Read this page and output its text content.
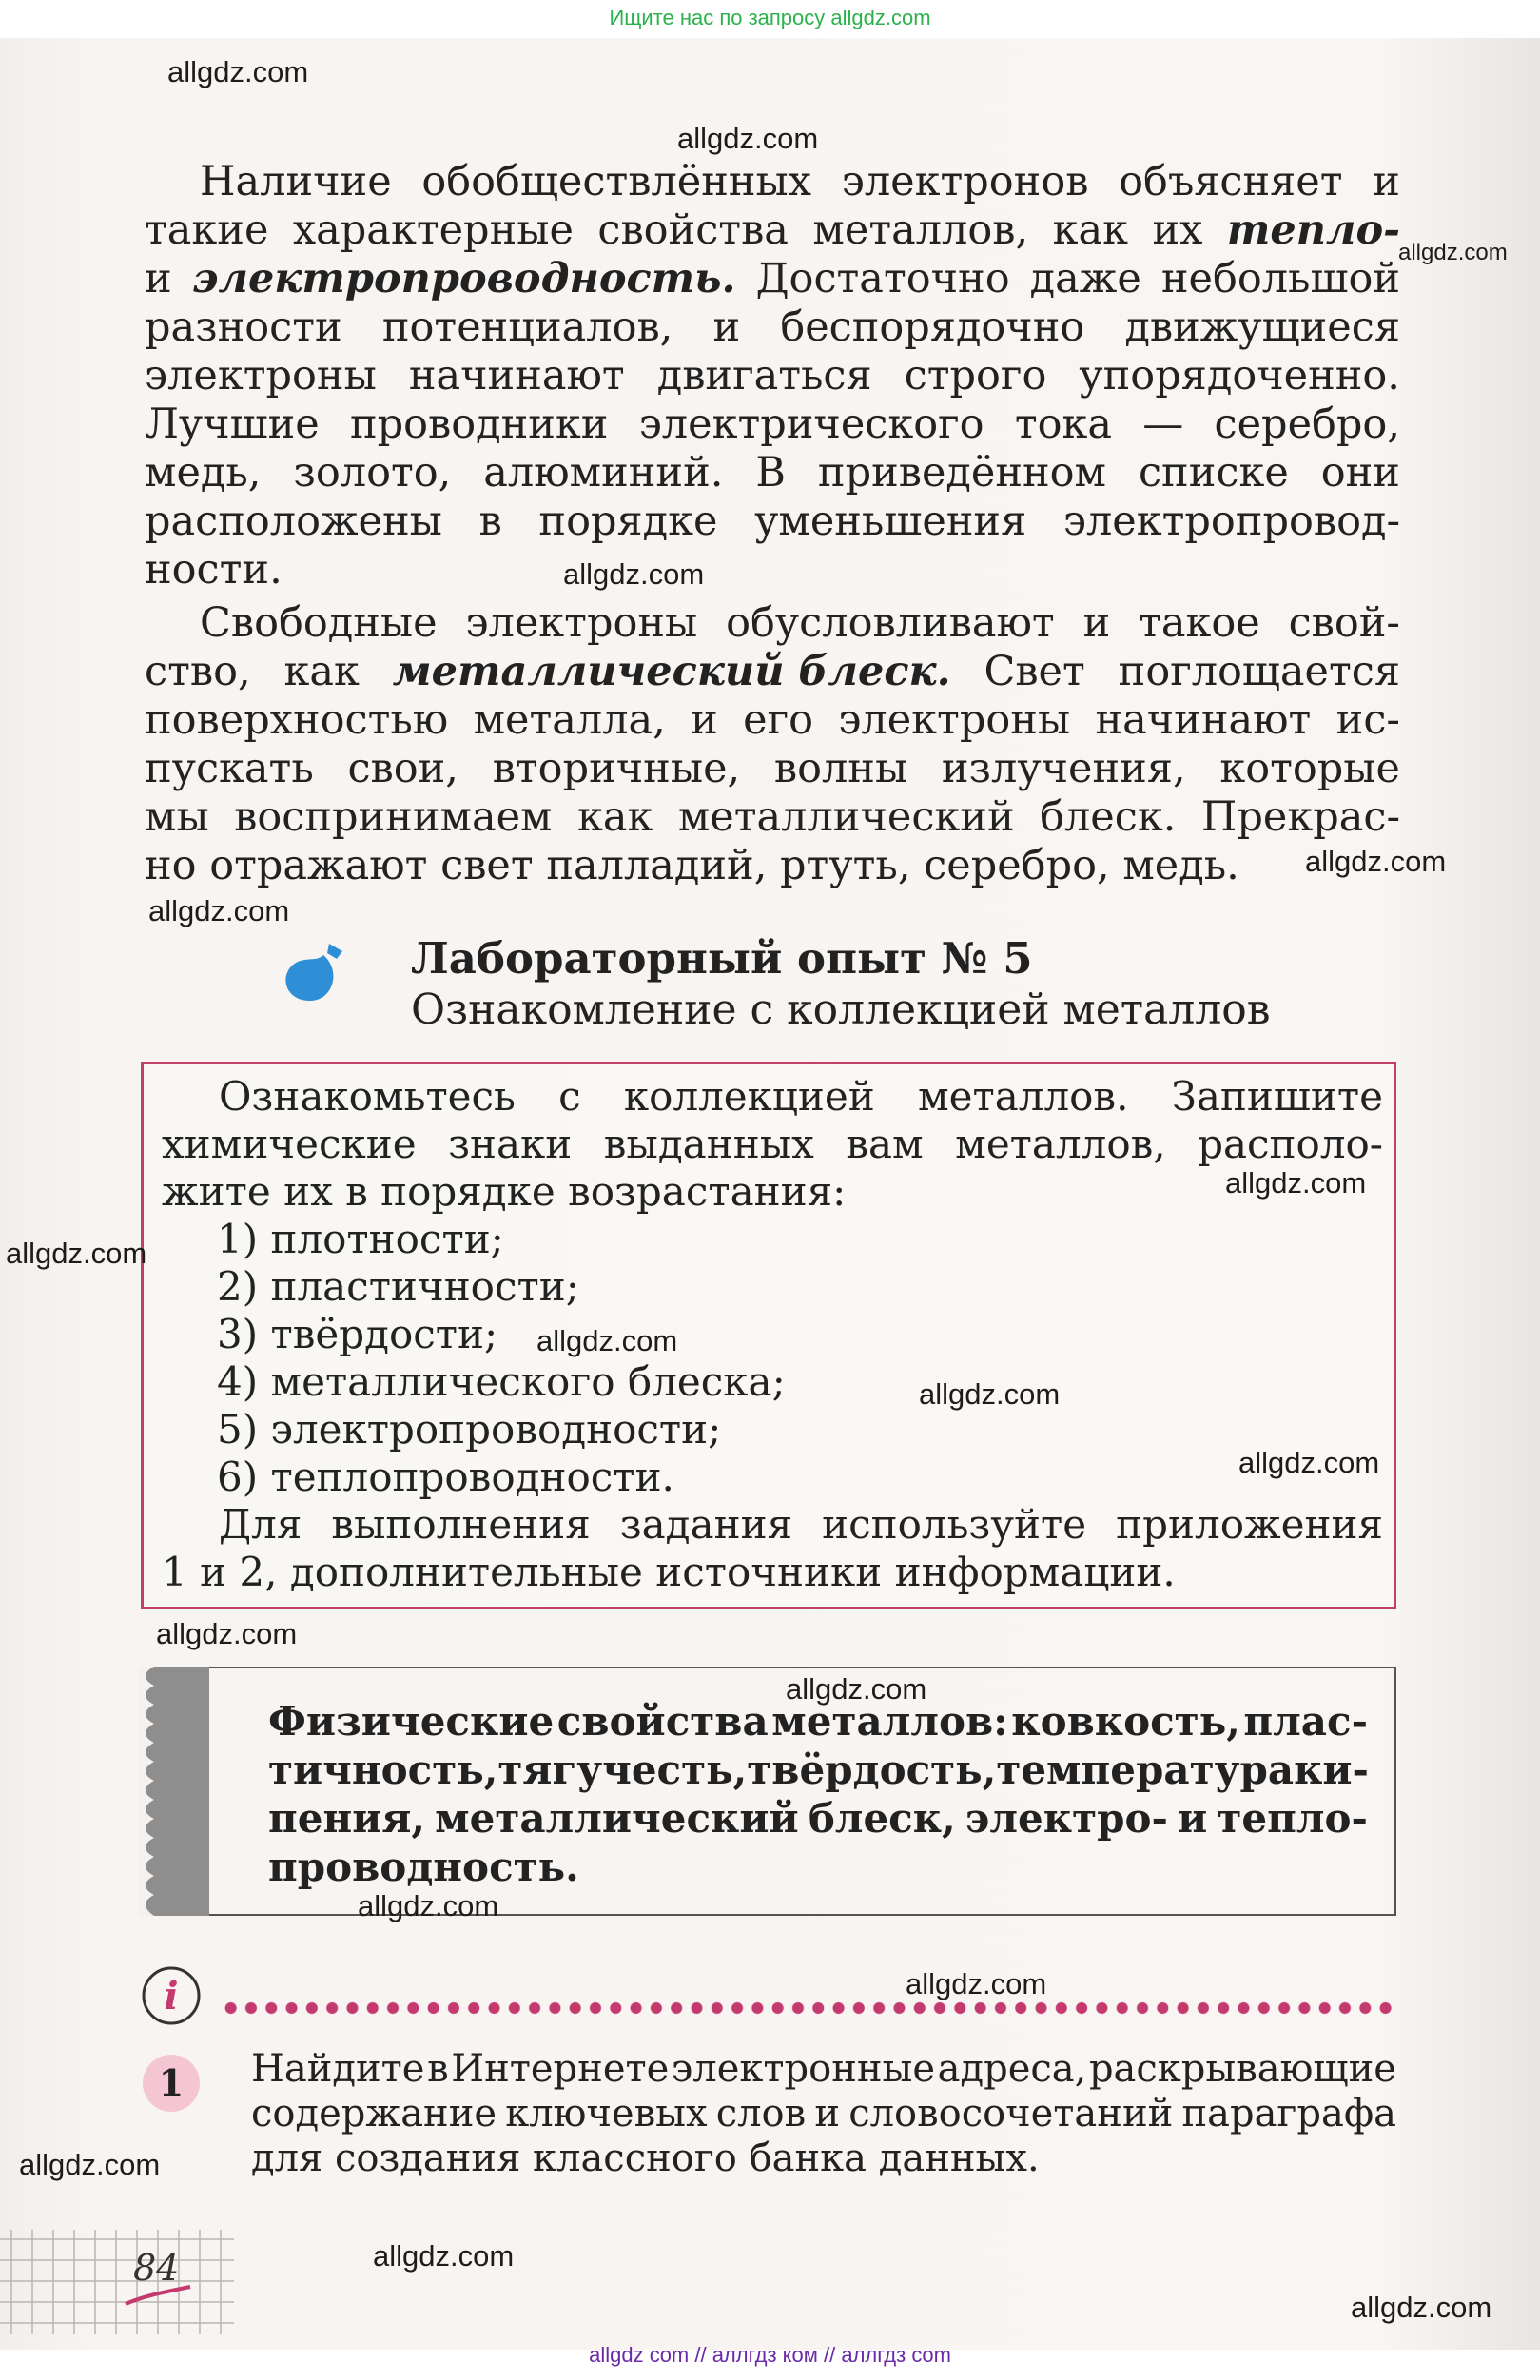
Ищите нас по запросу allgdz.com
Наличие обобществлённых электронов объясняет и
такие характерные свойства металлов, как их тепло-
и электропроводность. Достаточно даже небольшой
разности потенциалов, и беспорядочно движущиеся
электроны начинают двигаться строго упорядоченно.
Лучшие проводники электрического тока — серебро,
медь, золото, алюминий. В приведённом списке они
расположены в порядке уменьшения электропровод-
ности.
Свободные электроны обусловливают и такое свой-
ство, как металлический блеск. Свет поглощается
поверхностью металла, и его электроны начинают ис-
пускать свои, вторичные, волны излучения, которые
мы воспринимаем как металлический блеск. Прекрас-
но отражают свет палладий, ртуть, серебро, медь.
Лабораторный опыт № 5
Ознакомление с коллекцией металлов
Ознакомьтесь с коллекцией металлов. Запишите
химические знаки выданных вам металлов, располо-
жите их в порядке возрастания:
1) плотности;
2) пластичности;
3) твёрдости;
4) металлического блеска;
5) электропроводности;
6) теплопроводности.
Для выполнения задания используйте приложения
1 и 2, дополнительные источники информации.
Физические свойства металлов: ковкость, плас-
тичность, тягучесть, твёрдость, температура ки-
пения, металлический блеск, электро- и тепло-
проводность.
i
1	Найдите в Интернете электронные адреса, раскрывающие
содержание ключевых слов и словосочетаний параграфа
для создания классного банка данных.
84
allgdz.com
allgdz.com
allgdz.com
allgdz.com
allgdz.com
allgdz.com
allgdz.com
allgdz.com
allgdz.com
allgdz.com
allgdz.com
allgdz.com
allgdz.com
allgdz.com
allgdz.com
allgdz.com
allgdz.com
allgdz.com
allgdz com // аллгдз ком // аллгдз com
